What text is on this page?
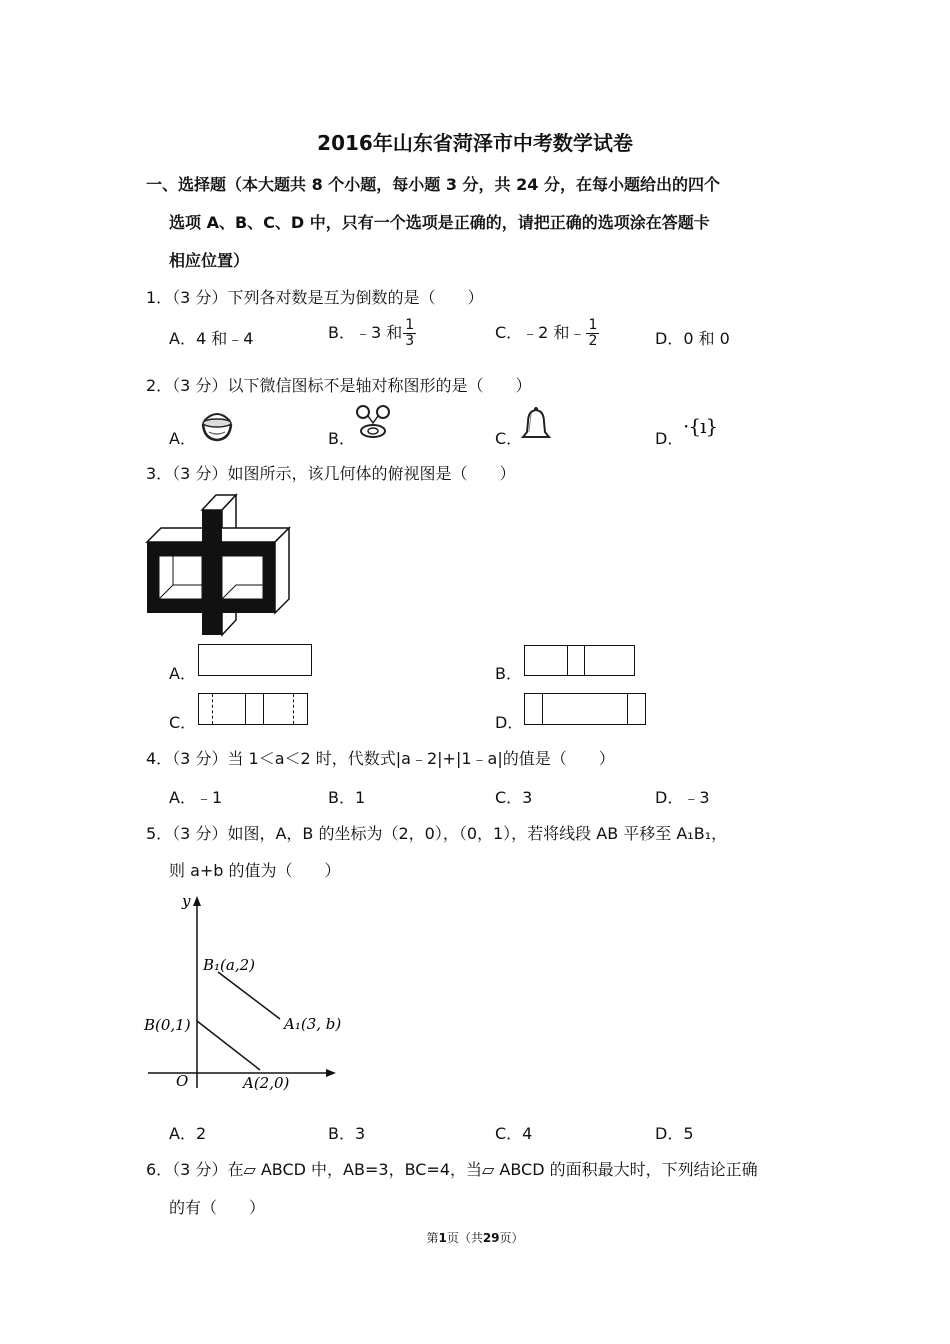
2016年山东省菏泽市中考数学试卷
一、选择题（本大题共 8 个小题，每小题 3 分，共 24 分，在每小题给出的四个
选项 A、B、C、D 中，只有一个选项是正确的，请把正确的选项涂在答题卡
相应位置）
1．（3 分）下列各对数是互为倒数的是（　　）
A．4 和﹣4	B．﹣3 和 $\frac{1}{3}$	C．﹣2 和﹣ $\frac{1}{2}$	D．0 和 0
2．（3 分）以下微信图标不是轴对称图形的是（　　）
A．	B．	C．	D．
·{ı}
3．（3 分）如图所示，该几何体的俯视图是（　　）
A．	B．
C．	D．
4．（3 分）当 1＜a＜2 时，代数式|a﹣2|+|1﹣a|的值是（　　）
A．﹣1	B．1	C．3	D．﹣3
5．（3 分）如图，A，B 的坐标为（2，0），（0，1），若将线段 AB 平移至 A₁B₁，
则 a+b 的值为（　　）
y
O
B₁(a,2)
A₁(3, b)
B(0,1)
A(2,0)
A．2	B．3	C．4	D．5
6．（3 分）在▱ ABCD 中，AB=3，BC=4，当▱ ABCD 的面积最大时，下列结论正确
的有（　　）
第1页（共29页）
